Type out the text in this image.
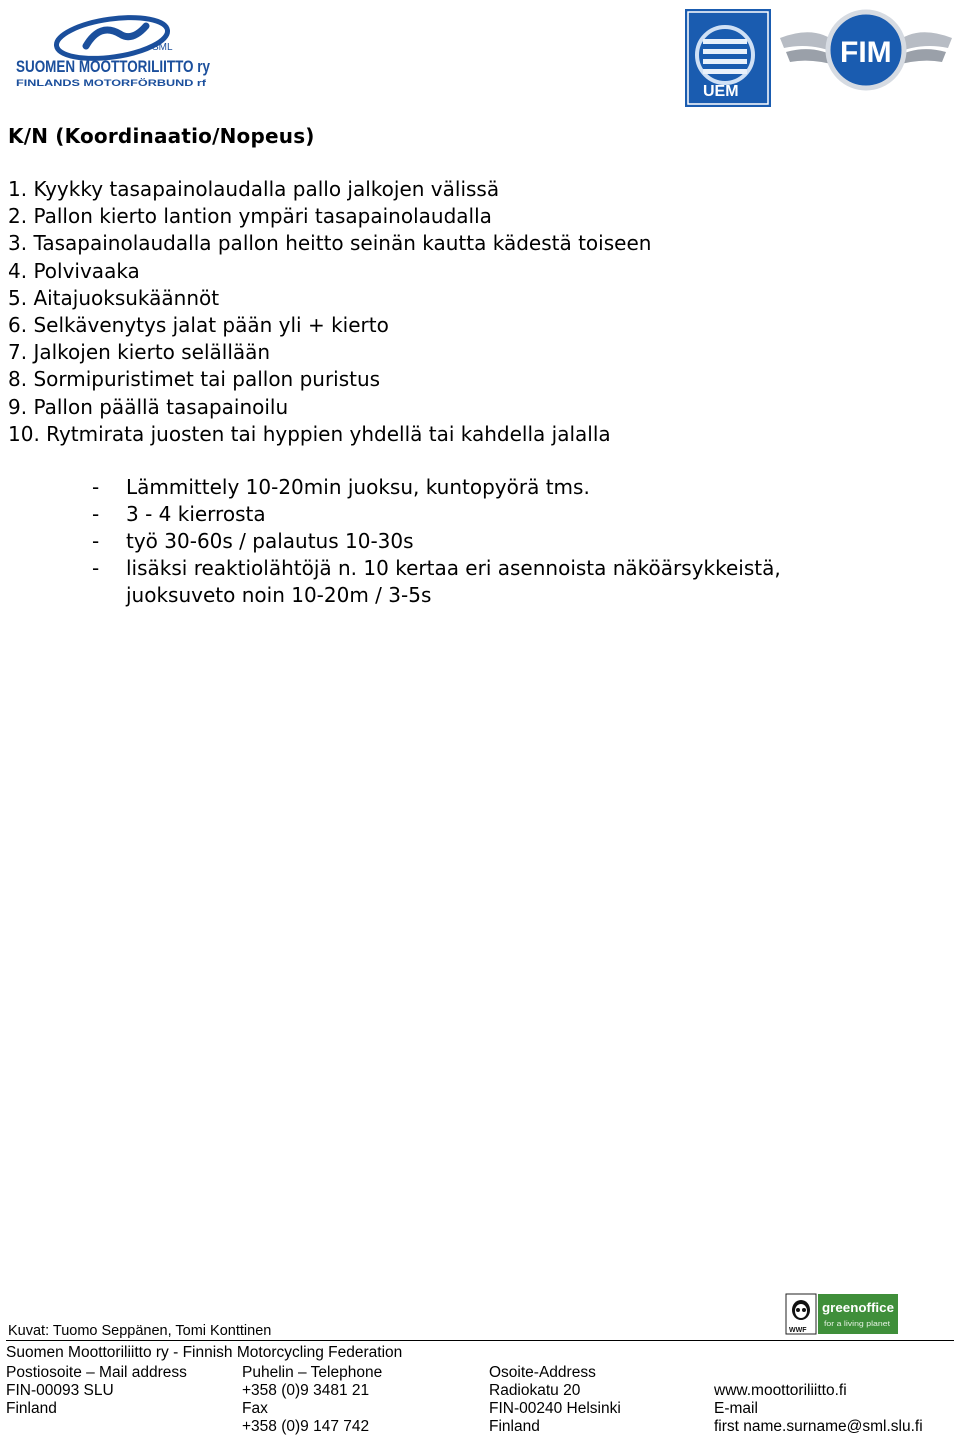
SML
SUOMEN MOOTTORILIITTO ry
FINLANDS MOTORFÖRBUND rf	UEM
FIM
K/N (Koordinaatio/Nopeus)
1. Kyykky tasapainolaudalla pallo jalkojen välissä
2. Pallon kierto lantion ympäri tasapainolaudalla
3. Tasapainolaudalla pallon heitto seinän kautta kädestä toiseen
4. Polvivaaka
5. Aitajuoksukäännöt
6. Selkävenytys jalat pään yli + kierto
7. Jalkojen kierto selällään
8. Sormipuristimet tai pallon puristus
9. Pallon päällä tasapainoilu
10. Rytmirata juosten tai hyppien yhdellä tai kahdella jalalla
-	Lämmittely 10-20min juoksu, kuntopyörä tms.
-	3 - 4 kierrosta
-	työ 30-60s / palautus 10-30s
-	lisäksi reaktiolähtöjä n. 10 kertaa eri asennoista näköärsykkeistä,
juoksuveto noin 10-20m / 3-5s
WWF
greenoffice
for a living planet
Kuvat: Tuomo Seppänen, Tomi Konttinen
Suomen Moottoriliitto ry - Finnish Motorcycling Federation
Postiosoite – Mail address
FIN-00093 SLU
Finland
Puhelin – Telephone
+358 (0)9 3481 21
Fax
+358 (0)9 147 742
Osoite-Address
Radiokatu 20
FIN-00240 Helsinki
Finland
www.moottoriliitto.fi
E-mail
first name.surname@sml.slu.fi
